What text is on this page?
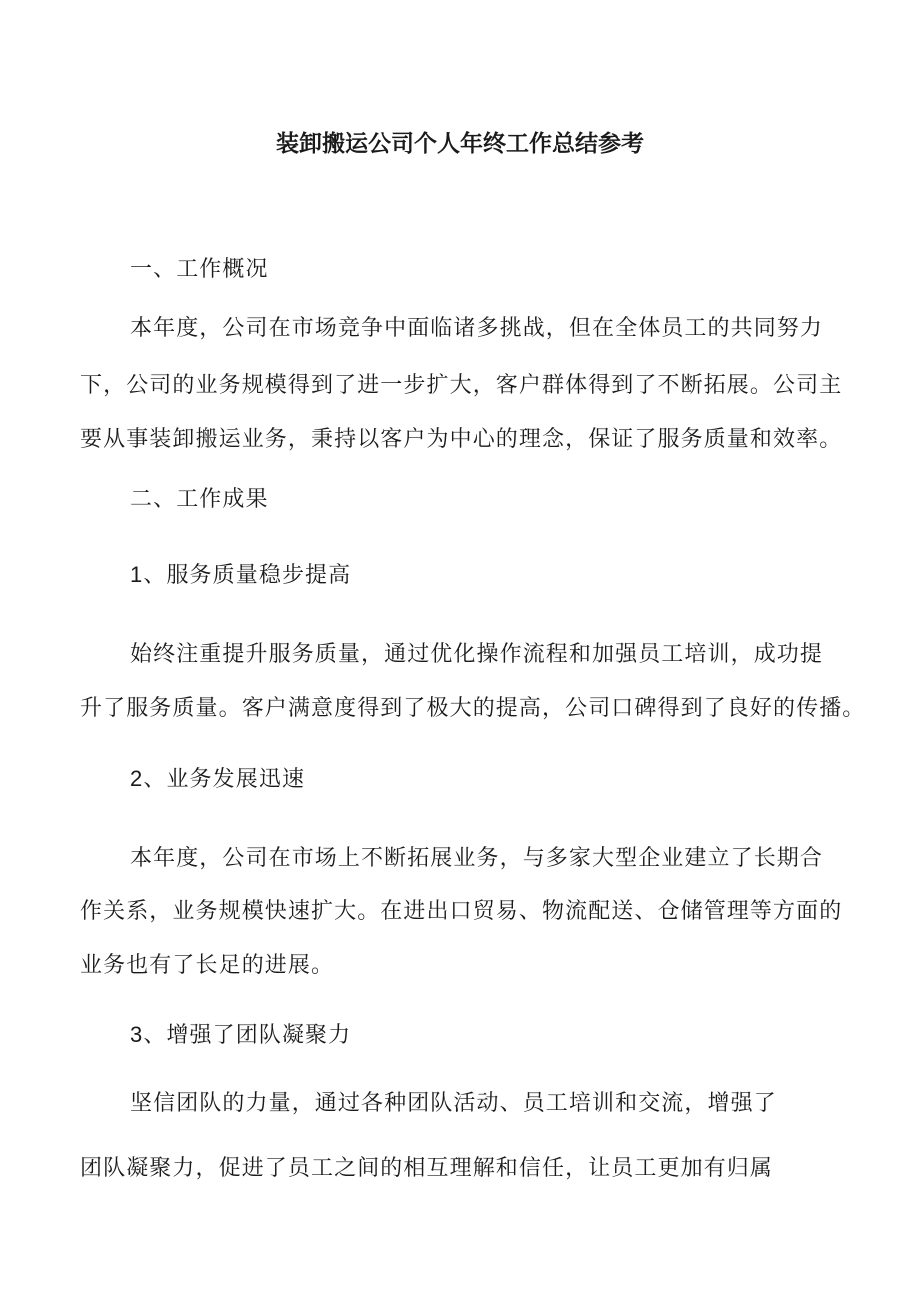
装卸搬运公司个人年终工作总结参考
一、工作概况
本年度，公司在市场竞争中面临诸多挑战，但在全体员工的共同努力
下，公司的业务规模得到了进一步扩大，客户群体得到了不断拓展。公司主
要从事装卸搬运业务，秉持以客户为中心的理念，保证了服务质量和效率。
二、工作成果
1、服务质量稳步提高
始终注重提升服务质量，通过优化操作流程和加强员工培训，成功提
升了服务质量。客户满意度得到了极大的提高，公司口碑得到了良好的传播。
2、业务发展迅速
本年度，公司在市场上不断拓展业务，与多家大型企业建立了长期合
作关系，业务规模快速扩大。在进出口贸易、物流配送、仓储管理等方面的
业务也有了长足的进展。
3、增强了团队凝聚力
坚信团队的力量，通过各种团队活动、员工培训和交流，增强了
团队凝聚力，促进了员工之间的相互理解和信任，让员工更加有归属
